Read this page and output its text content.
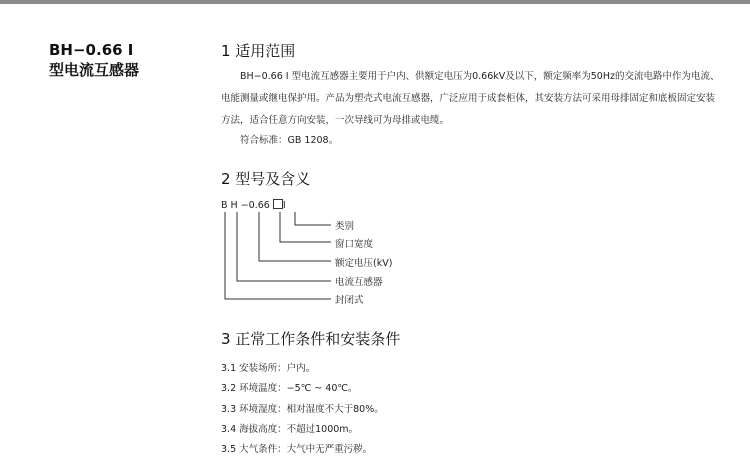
BH−0.66 Ⅰ
型电流互感器
1 适用范围
BH−0.66 Ⅰ 型电流互感器主要用于户内、供额定电压为0.66kV及以下，额定频率为50Hz的交流电路中作为电流、电能测量或继电保护用。产品为塑壳式电流互感器，广泛应用于成套柜体，其安装方法可采用母排固定和底板固定安装方法，适合任意方向安装，一次导线可为母排或电缆。
符合标准：GB 1208。
2 型号及含义
B H −0.66 Ⅰ
类别
窗口宽度
额定电压(kV)
电流互感器
封闭式
3 正常工作条件和安装条件
3.1 安装场所：户内。
3.2 环境温度：−5℃ ~ 40℃。
3.3 环境湿度：相对湿度不大于80%。
3.4 海拔高度：不超过1000m。
3.5 大气条件：大气中无严重污秽。
